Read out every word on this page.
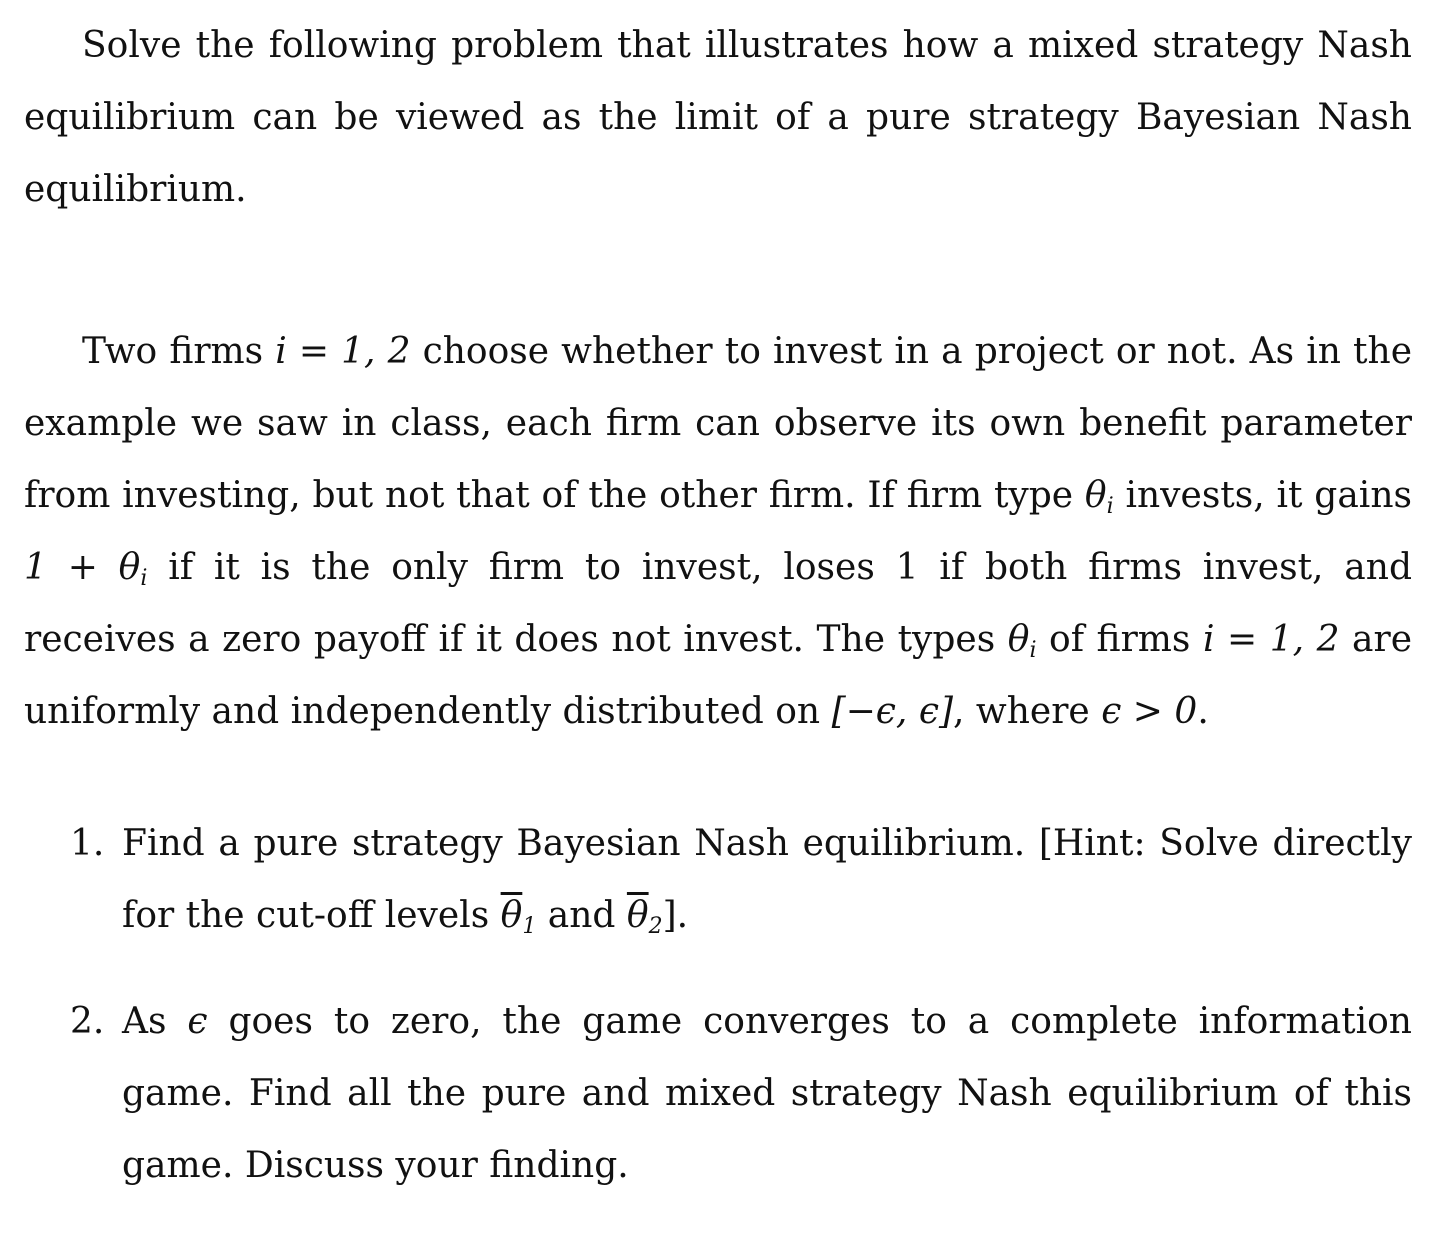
Solve the following problem that illustrates how a mixed strategy Nash equilibrium can be viewed as the limit of a pure strategy Bayesian Nash equilibrium.

Two firms i = 1, 2 choose whether to invest in a project or not. As in the example we saw in class, each firm can observe its own benefit parameter from investing, but not that of the other firm. If firm type $\theta_i$ invests, it gains $1 + \theta_i$ if it is the only firm to invest, loses 1 if both firms invest, and receives a zero payoff if it does not invest. The types $\theta_i$ of firms i = 1, 2 are uniformly and independently distributed on [−ϵ, ϵ], where ϵ > 0.

1. Find a pure strategy Bayesian Nash equilibrium. [Hint: Solve directly for the cut-off levels $\overline{\theta}_1$ and $\overline{\theta}_2$].
2. As ϵ goes to zero, the game converges to a complete information game. Find all the pure and mixed strategy Nash equilibrium of this game. Discuss your finding.
